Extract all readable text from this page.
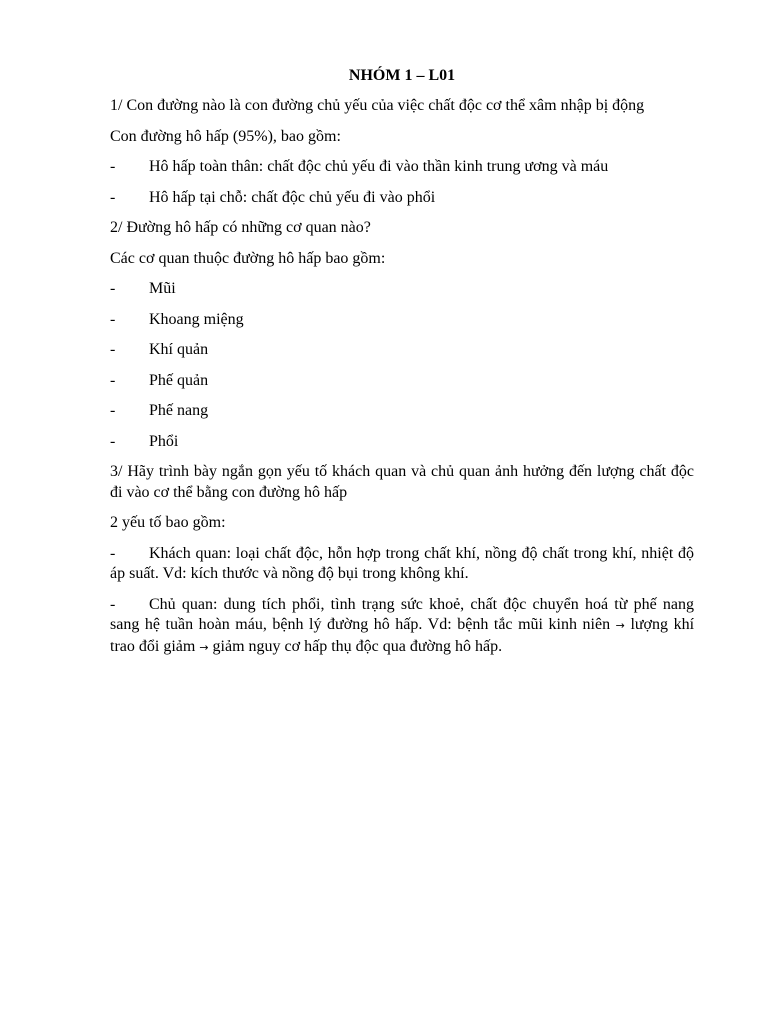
NHÓM 1 – L01
1/ Con đường nào là con đường chủ yếu của việc chất độc cơ thể xâm nhập bị động
Con đường hô hấp (95%), bao gồm:
- Hô hấp toàn thân: chất độc chủ yếu đi vào thần kinh trung ương và máu
- Hô hấp tại chỗ: chất độc chủ yếu đi vào phổi
2/ Đường hô hấp có những cơ quan nào?
Các cơ quan thuộc đường hô hấp bao gồm:
- Mũi
- Khoang miệng
- Khí quản
- Phế quản
- Phế nang
- Phổi
3/ Hãy trình bày ngắn gọn yếu tố khách quan và chủ quan ảnh hưởng đến lượng chất độc đi vào cơ thể bằng con đường hô hấp
2 yếu tố bao gồm:
- Khách quan: loại chất độc, hỗn hợp trong chất khí, nồng độ chất trong khí, nhiệt độ áp suất. Vd: kích thước và nồng độ bụi trong không khí.
- Chủ quan: dung tích phổi, tình trạng sức khoẻ, chất độc chuyển hoá từ phế nang sang hệ tuần hoàn máu, bệnh lý đường hô hấp. Vd: bệnh tắc mũi kinh niên → lượng khí trao đổi giảm → giảm nguy cơ hấp thụ độc qua đường hô hấp.
